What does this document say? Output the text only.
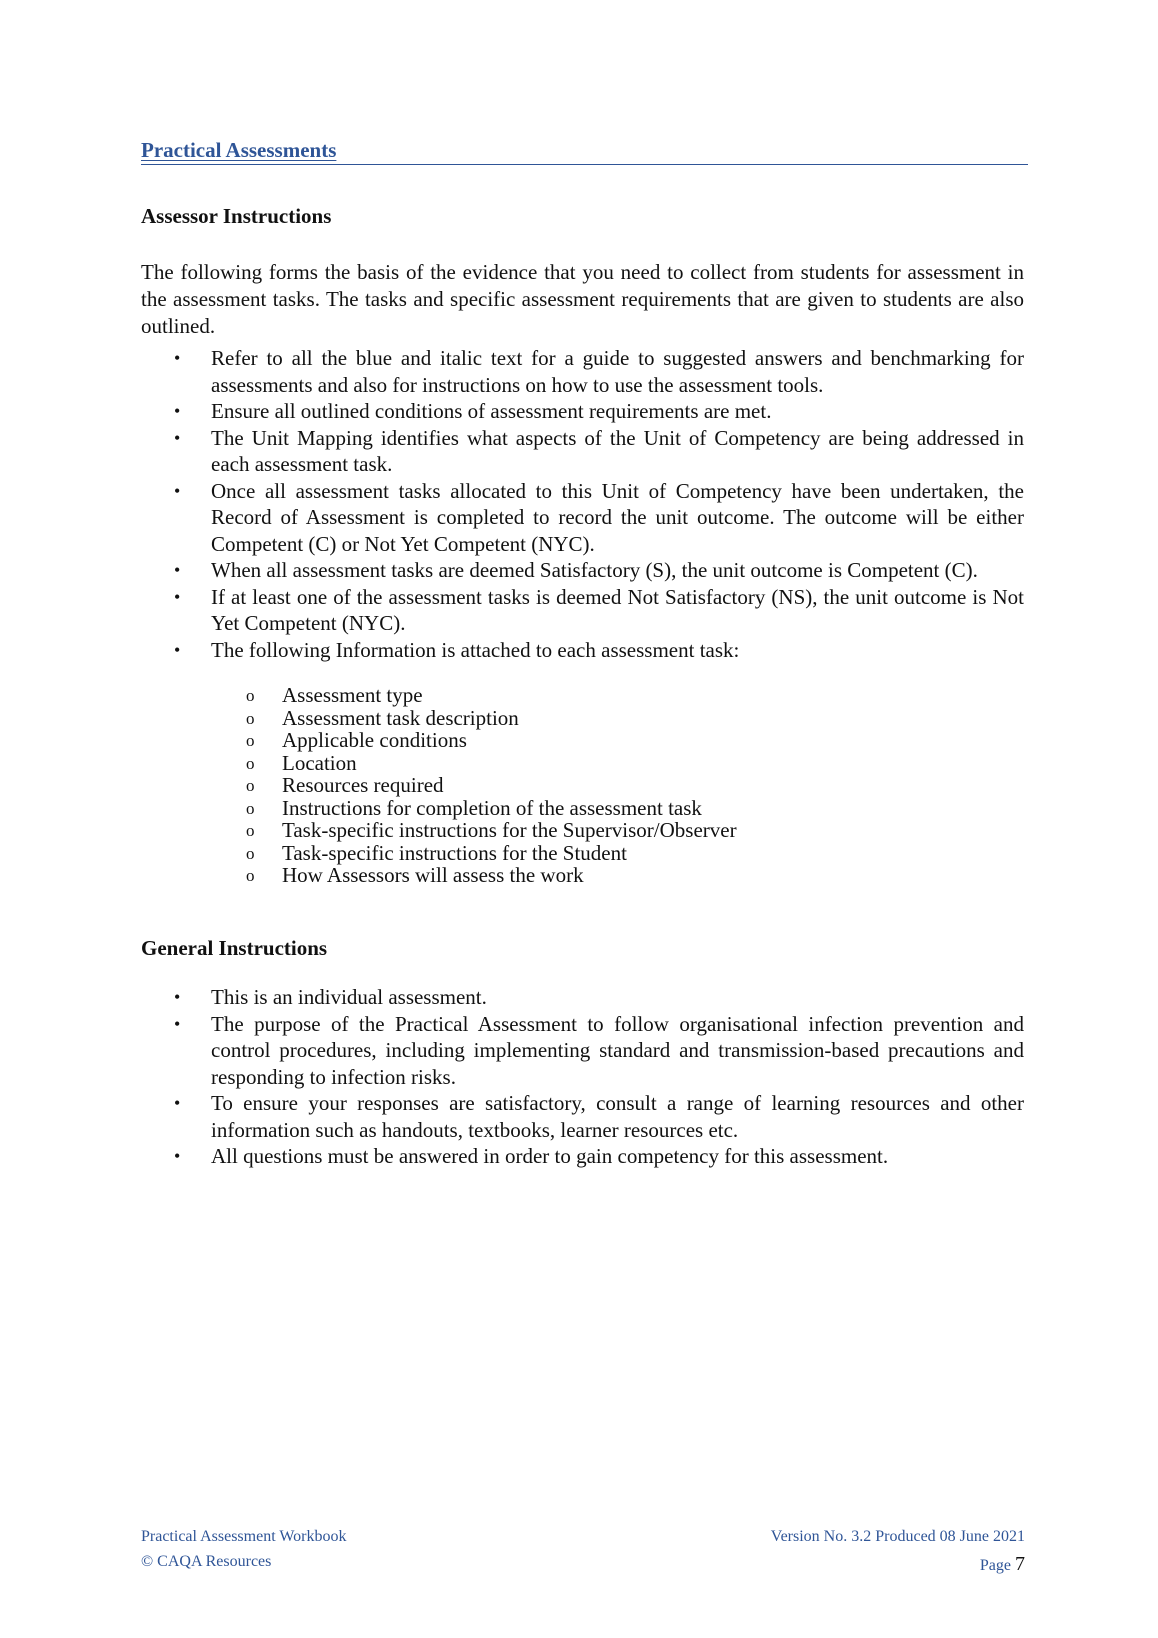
Practical Assessments
Assessor Instructions

The following forms the basis of the evidence that you need to collect from students for assessment in the assessment tasks. The tasks and specific assessment requirements that are given to students are also outlined.

• Refer to all the blue and italic text for a guide to suggested answers and benchmarking for assessments and also for instructions on how to use the assessment tools.
• Ensure all outlined conditions of assessment requirements are met.
• The Unit Mapping identifies what aspects of the Unit of Competency are being addressed in each assessment task.
• Once all assessment tasks allocated to this Unit of Competency have been undertaken, the Record of Assessment is completed to record the unit outcome. The outcome will be either Competent (C) or Not Yet Competent (NYC).
• When all assessment tasks are deemed Satisfactory (S), the unit outcome is Competent (C).
• If at least one of the assessment tasks is deemed Not Satisfactory (NS), the unit outcome is Not Yet Competent (NYC).
• The following Information is attached to each assessment task:
o Assessment type
o Assessment task description
o Applicable conditions
o Location
o Resources required
o Instructions for completion of the assessment task
o Task-specific instructions for the Supervisor/Observer
o Task-specific instructions for the Student
o How Assessors will assess the work
General Instructions
• This is an individual assessment.
• The purpose of the Practical Assessment to follow organisational infection prevention and control procedures, including implementing standard and transmission-based precautions and responding to infection risks.
• To ensure your responses are satisfactory, consult a range of learning resources and other information such as handouts, textbooks, learner resources etc.
• All questions must be answered in order to gain competency for this assessment.
Practical Assessment Workbook
© CAQA Resources
Version No. 3.2 Produced 08 June 2021
Page 7
